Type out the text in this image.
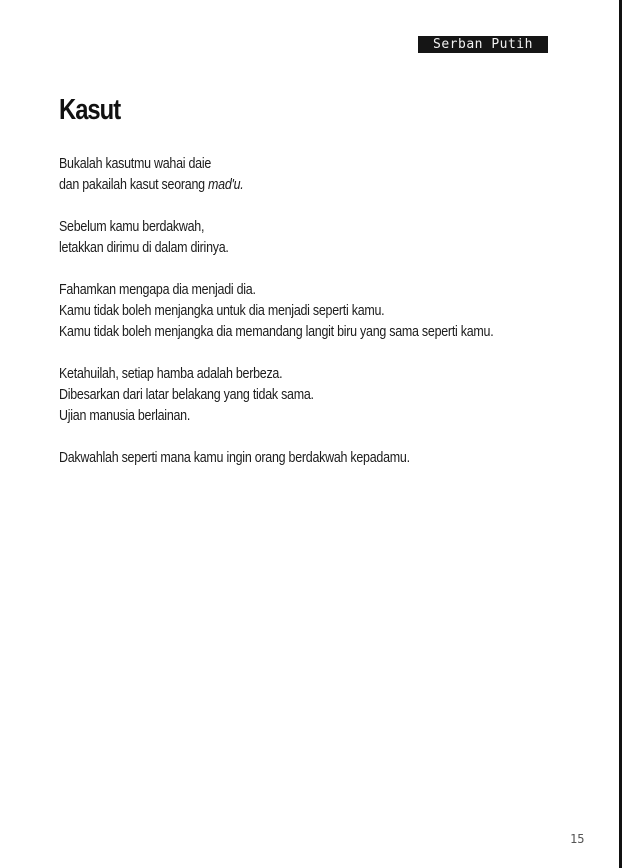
Serban Putih
Kasut
Bukalah kasutmu wahai daie
dan pakailah kasut seorang mad'u.
Sebelum kamu berdakwah,
letakkan dirimu di dalam dirinya.
Fahamkan mengapa dia menjadi dia.
Kamu tidak boleh menjangka untuk dia menjadi seperti kamu.
Kamu tidak boleh menjangka dia memandang langit biru yang sama seperti kamu.
Ketahuilah, setiap hamba adalah berbeza.
Dibesarkan dari latar belakang yang tidak sama.
Ujian manusia berlainan.
Dakwahlah seperti mana kamu ingin orang berdakwah kepadamu.
15
